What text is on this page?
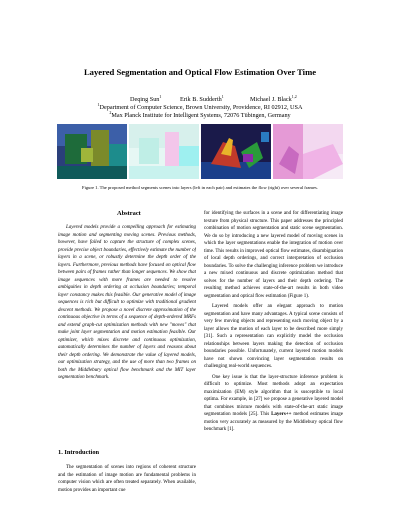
Layered Segmentation and Optical Flow Estimation Over Time
Deqing Sun$^1$	Erik B. Sudderth$^1$	Michael J. Black$^{1,2}$
$^1$Department of Computer Science, Brown University, Providence, RI 02912, USA
$^2$Max Planck Institute for Intelligent Systems, 72076 Tübingen, Germany
Figure 1. The proposed method segments scenes into layers (left in each pair) and estimates the flow (right) over several frames.
Abstract

Layered models provide a compelling approach for estimating image motion and segmenting moving scenes. Previous methods, however, have failed to capture the structure of complex scenes, provide precise object boundaries, effectively estimate the number of layers in a scene, or robustly determine the depth order of the layers. Furthermore, previous methods have focused on optical flow between pairs of frames rather than longer sequences. We show that image sequences with more frames are needed to resolve ambiguities in depth ordering at occlusion boundaries; temporal layer constancy makes this feasible. Our generative model of image sequences is rich but difficult to optimize with traditional gradient descent methods. We propose a novel discrete approximation of the continuous objective in terms of a sequence of depth-ordered MRFs and extend graph-cut optimization methods with new "moves" that make joint layer segmentation and motion estimation feasible. Our optimizer, which mixes discrete and continuous optimization, automatically determines the number of layers and reasons about their depth ordering. We demonstrate the value of layered models, our optimization strategy, and the use of more than two frames on both the Middlebury optical flow benchmark and the MIT layer segmentation benchmark.

1. Introduction

The segmentation of scenes into regions of coherent structure and the estimation of image motion are fundamental problems in computer vision which are often treated separately. When available, motion provides an important cue

for identifying the surfaces in a scene and for differentiating image texture from physical structure. This paper addresses the principled combination of motion segmentation and static scene segmentation. We do so by introducing a new layered model of moving scenes in which the layer segmentations enable the integration of motion over time. This results in improved optical flow estimates, disambiguation of local depth orderings, and correct interpretation of occlusion boundaries. To solve the challenging inference problem we introduce a new mixed continuous and discrete optimization method that solves for the number of layers and their depth ordering. The resulting method achieves state-of-the-art results in both video segmentation and optical flow estimation (Figure 1).

Layered models offer an elegant approach to motion segmentation and have many advantages. A typical scene consists of very few moving objects and representing each moving object by a layer allows the motion of each layer to be described more simply [31]. Such a representation can explicitly model the occlusion relationships between layers making the detection of occlusion boundaries possible. Unfortunately, current layered motion models have not shown convincing layer segmentation results on challenging real-world sequences.

One key issue is that the layer-structure inference problem is difficult to optimize. Most methods adopt an expectation maximization (EM) style algorithm that is susceptible to local optima. For example, in [27] we propose a generative layered model that combines mixture models with state-of-the-art static image segmentation models [25]. This Layers++ method estimates image motion very accurately as measured by the Middlebury optical flow benchmark [1].
